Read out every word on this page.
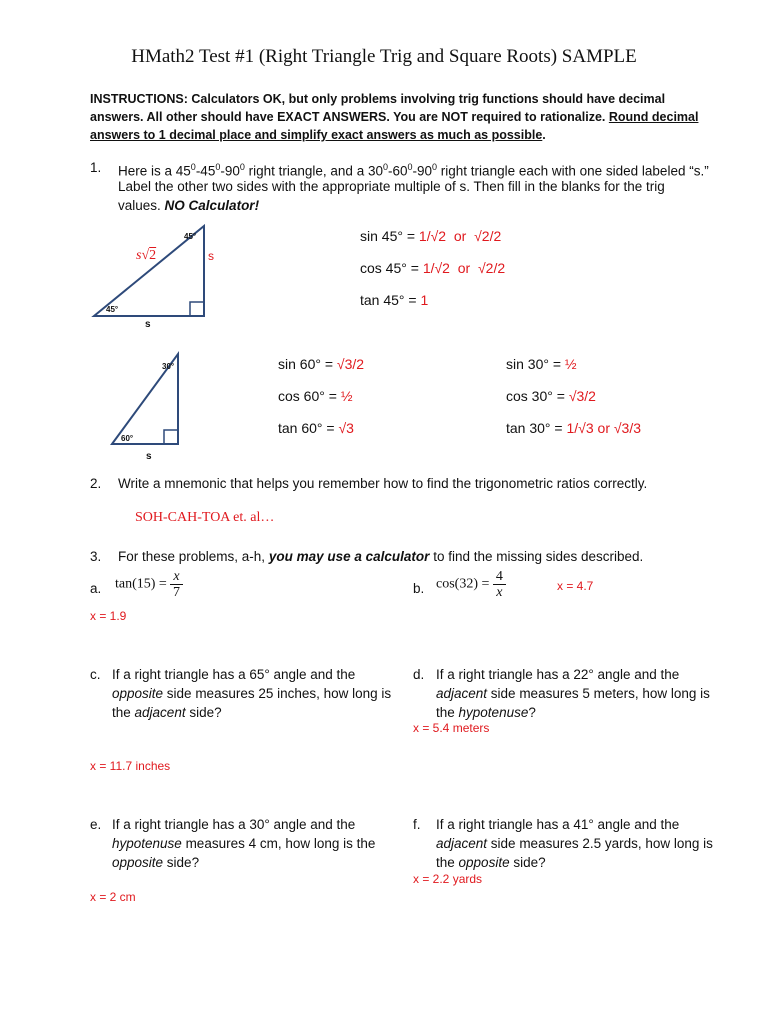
HMath2 Test #1 (Right Triangle Trig and Square Roots) SAMPLE
INSTRUCTIONS: Calculators OK, but only problems involving trig functions should have decimal answers. All other should have EXACT ANSWERS. You are NOT required to rationalize. Round decimal answers to 1 decimal place and simplify exact answers as much as possible.
1. Here is a $45^0-45^0-90^0$ right triangle, and a $30^0-60^0-90^0$ right triangle each with one sided labeled “s.”
Label the other two sides with the appropriate multiple of s. Then fill in the blanks for the trig
values. NO Calculator!
45°
45°
s√2	s
s
sin 45° = 1/√2 or √2/2
cos 45° = 1/√2 or √2/2
tan 45° = 1
30°
60°
s
sin 60° = √3/2
cos 60° = ½
tan 60° = √3
sin 30° = ½
cos 30° = √3/2
tan 30° = 1/√3 or √3/3
2. Write a mnemonic that helps you remember how to find the trigonometric ratios correctly.
SOH-CAH-TOA et. al…
3. For these problems, a-h, you may use a calculator to find the missing sides described.
a. $\tan(15) = \frac{x}{7}$
x = 1.9
b. $\cos(32) = \frac{4}{x}$	x = 4.7
c. If a right triangle has a 65° angle and the
opposite side measures 25 inches, how long is
the adjacent side?
x = 11.7 inches
d. If a right triangle has a 22° angle and the
adjacent side measures 5 meters, how long is
the hypotenuse?
x = 5.4 meters
e. If a right triangle has a 30° angle and the
hypotenuse measures 4 cm, how long is the
opposite side?
x = 2 cm
f. If a right triangle has a 41° angle and the
adjacent side measures 2.5 yards, how long is
the opposite side?
x = 2.2 yards
